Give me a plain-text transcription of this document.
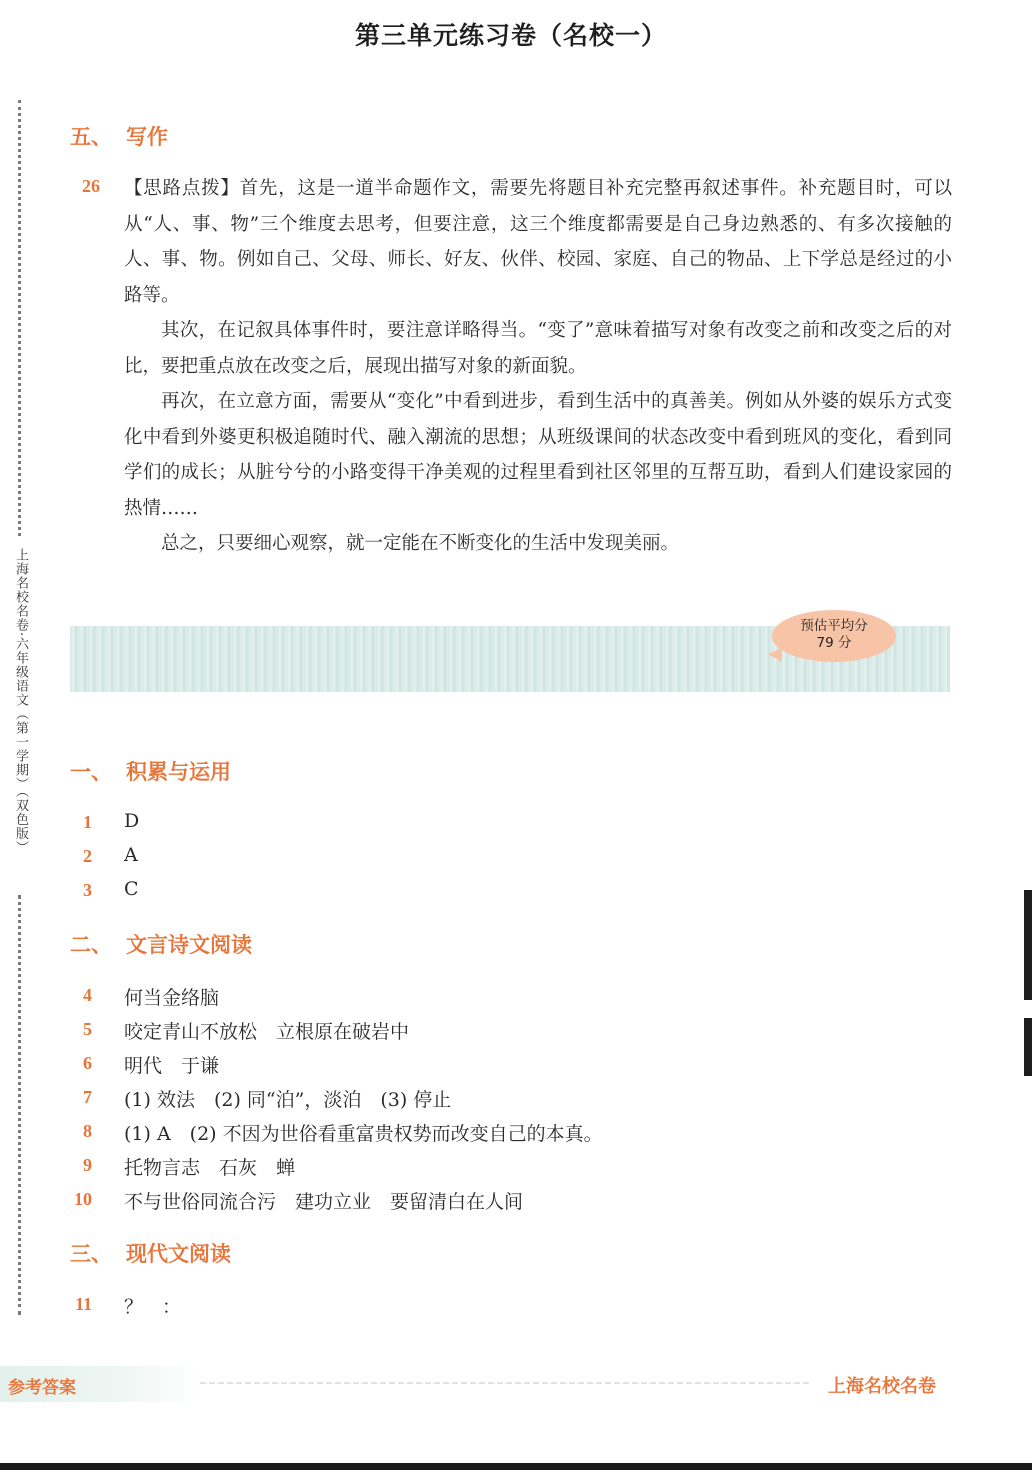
上海名校名卷·六年级语文（第一学期）（双色版）
五、 写作
26 【思路点拨】首先，这是一道半命题作文，需要先将题目补充完整再叙述事件。补充题目时，可以从“人、事、物”三个维度去思考，但要注意，这三个维度都需要是自己身边熟悉的、有多次接触的人、事、物。例如自己、父母、师长、好友、伙伴、校园、家庭、自己的物品、上下学总是经过的小路等。
其次，在记叙具体事件时，要注意详略得当。“变了”意味着描写对象有改变之前和改变之后的对比，要把重点放在改变之后，展现出描写对象的新面貌。
再次，在立意方面，需要从“变化”中看到进步，看到生活中的真善美。例如从外婆的娱乐方式变化中看到外婆更积极追随时代、融入潮流的思想；从班级课间的状态改变中看到班风的变化，看到同学们的成长；从脏兮兮的小路变得干净美观的过程里看到社区邻里的互帮互助，看到人们建设家园的热情……
总之，只要细心观察，就一定能在不断变化的生活中发现美丽。
第三单元练习卷（名校一）
预估平均分
79 分
一、 积累与运用
1 D
2 A
3 C
二、 文言诗文阅读
4 何当金络脑
5 咬定青山不放松　立根原在破岩中
6 明代　于谦
7 (1) 效法　(2) 同“泊”，淡泊　(3) 停止
8 (1) A　(2) 不因为世俗看重富贵权势而改变自己的本真。
9 托物言志　石灰　蝉
10 不与世俗同流合污　建功立业　要留清白在人间
三、 现代文阅读
11 ？　：
参考答案	上海名校名卷
